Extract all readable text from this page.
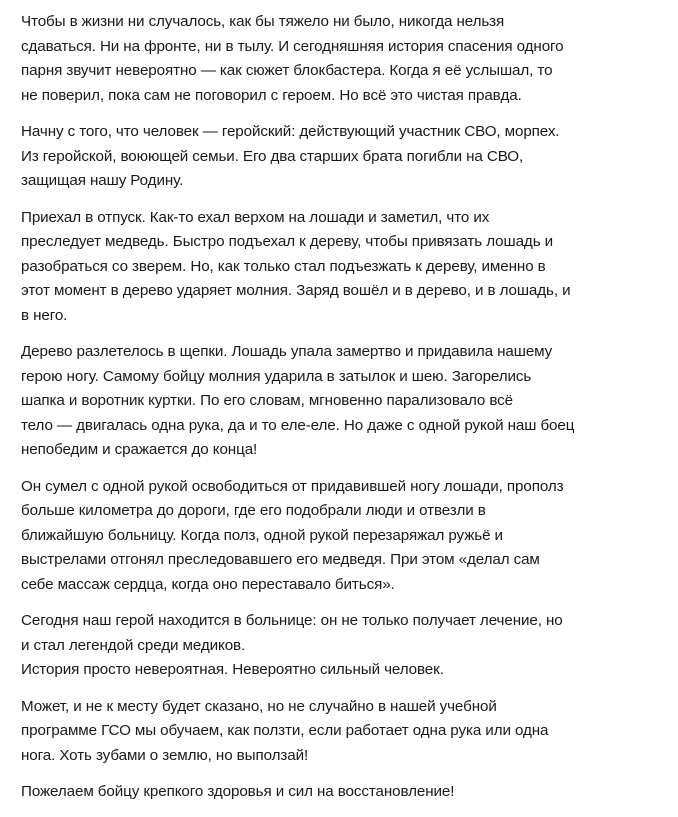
Чтобы в жизни ни случалось, как бы тяжело ни было, никогда нельзя
сдаваться. Ни на фронте, ни в тылу. И сегодняшняя история спасения одного
парня звучит невероятно — как сюжет блокбастера. Когда я её услышал, то
не поверил, пока сам не поговорил с героем. Но всё это чистая правда.

Начну с того, что человек — геройский: действующий участник СВО, морпех.
Из геройской, воюющей семьи. Его два старших брата погибли на СВО,
защищая нашу Родину.

Приехал в отпуск. Как-то ехал верхом на лошади и заметил, что их
преследует медведь. Быстро подъехал к дереву, чтобы привязать лошадь и
разобраться со зверем. Но, как только стал подъезжать к дереву, именно в
этот момент в дерево ударяет молния. Заряд вошёл и в дерево, и в лошадь, и
в него.

Дерево разлетелось в щепки. Лошадь упала замертво и придавила нашему
герою ногу. Самому бойцу молния ударила в затылок и шею. Загорелись
шапка и воротник куртки. По его словам, мгновенно парализовало всё
тело — двигалась одна рука, да и то еле-еле. Но даже с одной рукой наш боец
непобедим и сражается до конца!

Он сумел с одной рукой освободиться от придавившей ногу лошади, прополз
больше километра до дороги, где его подобрали люди и отвезли в
ближайшую больницу. Когда полз, одной рукой перезаряжал ружьё и
выстрелами отгонял преследовавшего его медведя. При этом «делал сам
себе массаж сердца, когда оно переставало биться».

Сегодня наш герой находится в больнице: он не только получает лечение, но
и стал легендой среди медиков.
История просто невероятная. Невероятно сильный человек.

Может, и не к месту будет сказано, но не случайно в нашей учебной
программе ГСО мы обучаем, как ползти, если работает одна рука или одна
нога. Хоть зубами о землю, но выползай!

Пожелаем бойцу крепкого здоровья и сил на восстановление!
